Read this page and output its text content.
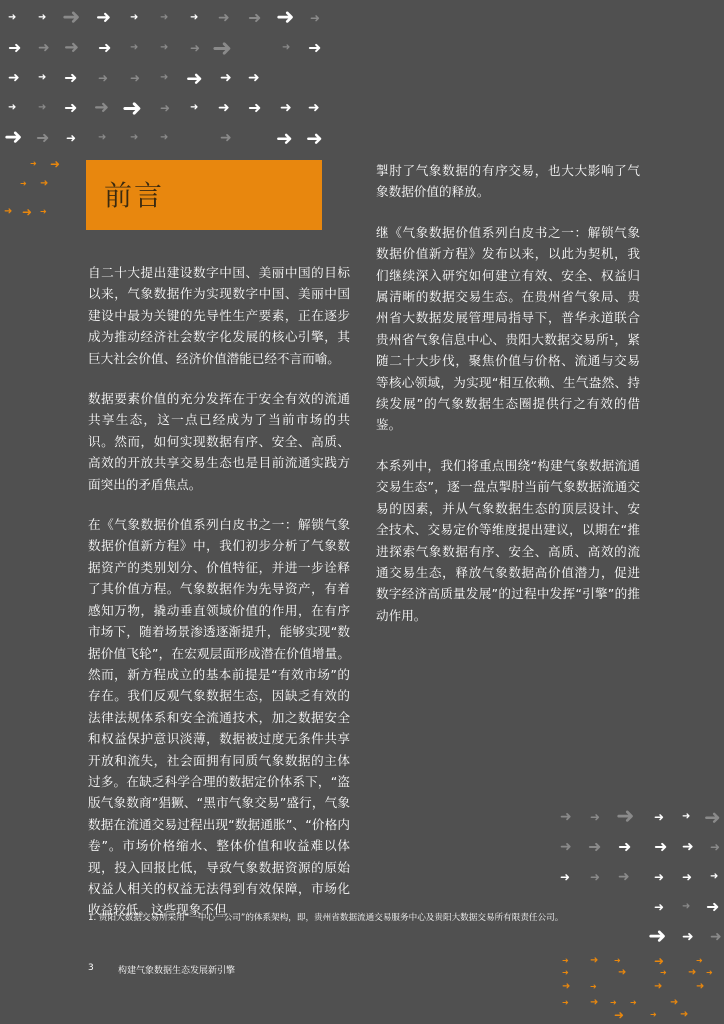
➜ ➜ ➜ ➜ ➜ ➜ ➜ ➜ ➜ ➜ ➜
➜ ➜ ➜ ➜ ➜ ➜ ➜ ➜	➜ ➜
➜ ➜ ➜ ➜ ➜ ➜ ➜ ➜ ➜
➜ ➜ ➜ ➜ ➜ ➜ ➜ ➜ ➜ ➜ ➜
➜ ➜ ➜ ➜ ➜ ➜	➜ ➜ ➜
➜ ➜
➜ ➜
➜ ➜ ➜
➜ ➜ ➜ ➜ ➜ ➜
➜ ➜ ➜ ➜ ➜ ➜
➜ ➜ ➜ ➜ ➜ ➜
➜ ➜ ➜
➜ ➜ ➜
➜ ➜ ➜	➜	➜
➜	➜	➜ ➜ ➜
➜ ➜	➜	➜
➜ ➜ ➜ ➜	➜
➜	➜ ➜
前言

自二十大提出建设数字中国、美丽中国的目标以来，气象数据作为实现数字中国、美丽中国建设中最为关键的先导性生产要素，正在逐步成为推动经济社会数字化发展的核心引擎，其巨大社会价值、经济价值潜能已经不言而喻。

数据要素价值的充分发挥在于安全有效的流通共享生态，这一点已经成为了当前市场的共识。然而，如何实现数据有序、安全、高质、高效的开放共享交易生态也是目前流通实践方面突出的矛盾焦点。

在《气象数据价值系列白皮书之一：解锁气象数据价值新方程》中，我们初步分析了气象数据资产的类别划分、价值特征，并进一步诠释了其价值方程。气象数据作为先导资产，有着感知万物，撬动垂直领域价值的作用，在有序市场下，随着场景渗透逐渐提升，能够实现“数据价值飞轮”，在宏观层面形成潜在价值增量。然而，新方程成立的基本前提是“有效市场”的存在。我们反观气象数据生态，因缺乏有效的法律法规体系和安全流通技术，加之数据安全和权益保护意识淡薄，数据被过度无条件共享开放和流失，社会面拥有同质气象数据的主体过多。在缺乏科学合理的数据定价体系下，“盗版气象数商”猖獗、“黑市气象交易”盛行，气象数据在流通交易过程出现“数据通胀”、“价格内卷”。市场价格缩水、整体价值和收益难以体现，投入回报比低，导致气象数据资源的原始权益人相关的权益无法得到有效保障，市场化收益较低。这些现象不但

掣肘了气象数据的有序交易，也大大影响了气象数据价值的释放。

继《气象数据价值系列白皮书之一：解锁气象数据价值新方程》发布以来，以此为契机，我们继续深入研究如何建立有效、安全、权益归属清晰的数据交易生态。在贵州省气象局、贵州省大数据发展管理局指导下，普华永道联合贵州省气象信息中心、贵阳大数据交易所¹，紧随二十大步伐，聚焦价值与价格、流通与交易等核心领域，为实现“相互依赖、生气盎然、持续发展”的气象数据生态圈提供行之有效的借鉴。

本系列中，我们将重点围绕“构建气象数据流通交易生态”，逐一盘点掣肘当前气象数据流通交易的因素，并从气象数据生态的顶层设计、安全技术、交易定价等维度提出建议，以期在“推进探索气象数据有序、安全、高质、高效的流通交易生态，释放气象数据高价值潜力，促进数字经济高质量发展”的过程中发挥“引擎”的推动作用。

1. 贵阳大数据交易所采用“一中心一公司”的体系架构，即，贵州省数据流通交易服务中心及贵阳大数据交易所有限责任公司。
3	构建气象数据生态发展新引擎
